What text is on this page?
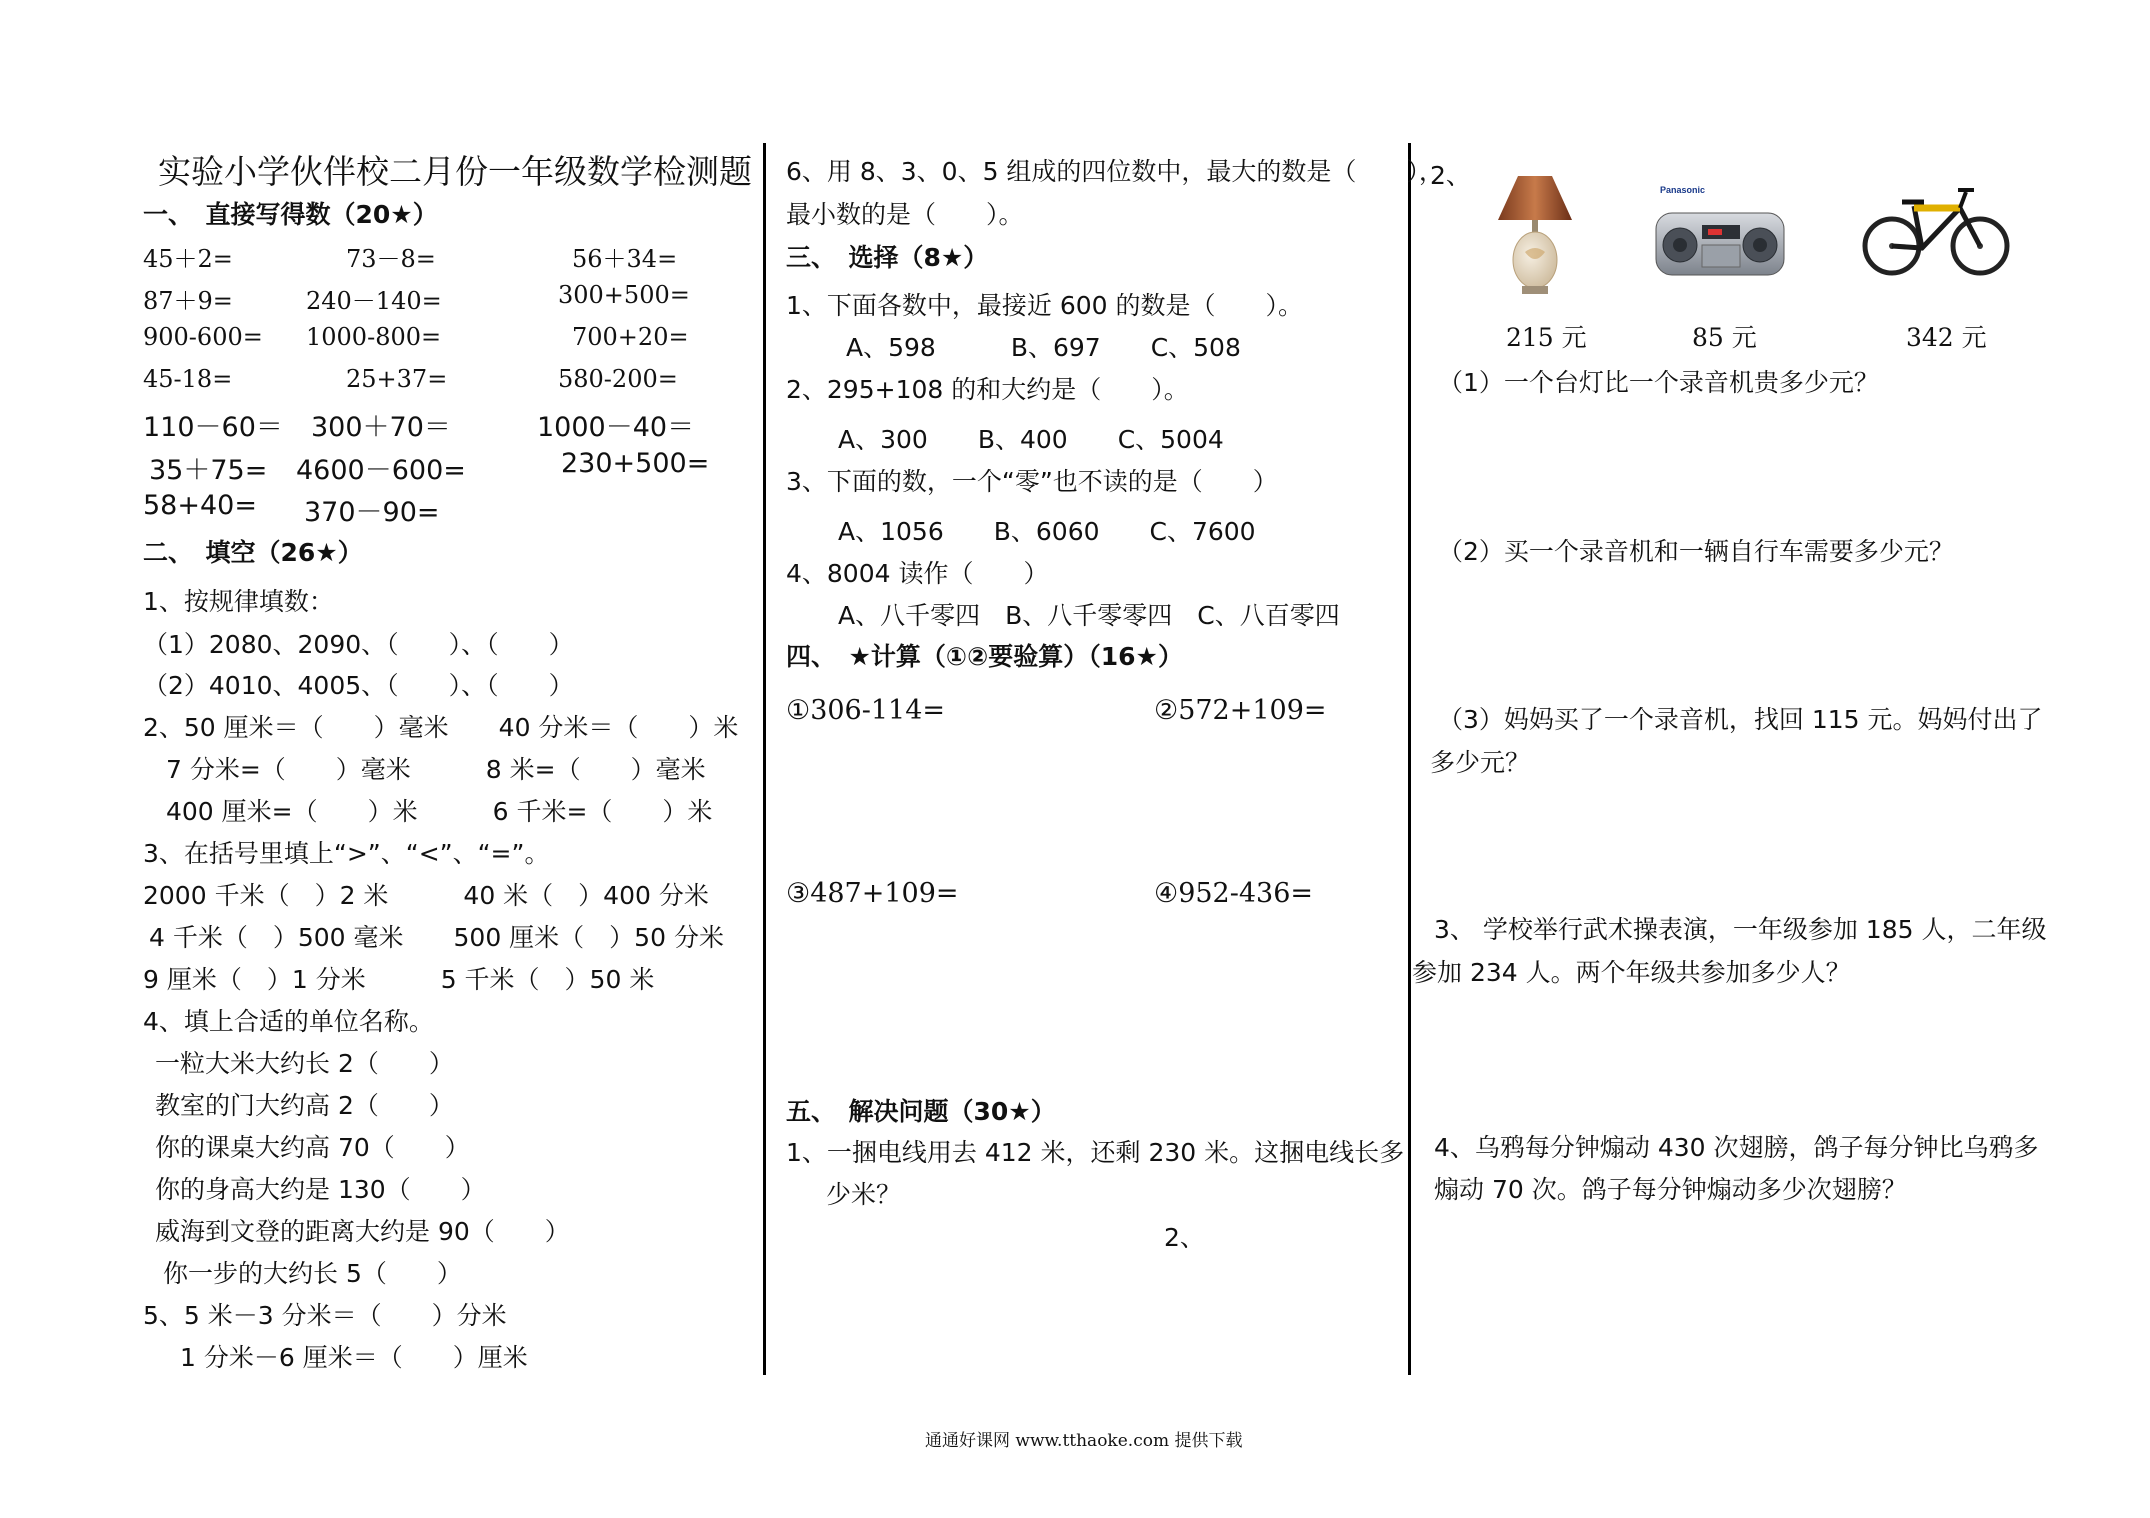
实验小学伙伴校二月份一年级数学检测题
一、　直接写得数（20★）
45＋2=	73－8=	56＋34=
87＋9=	240－140=	300+500=
900-600= 1000-800=	700+20=
45-18=	25+37=	580-200=
110－60＝ 300＋70＝	1000－40＝
35＋75= 4600－600=	230+500=
58+40= 370－90=
二、　填空（26★）
1、按规律填数：
（1）2080、2090、（　　）、（　　）
（2）4010、4005、（　　）、（　　）
2、50 厘米＝（　　）毫米　　40 分米＝（　　）米
7 分米=（　　）毫米　　　8 米=（　　）毫米
400 厘米=（　　）米　　　6 千米=（　　）米
3、在括号里填上“>”、“<”、“=”。
2000 千米（　）2 米　　　40 米（　）400 分米
4 千米（　）500 毫米　　500 厘米（　）50 分米
9 厘米（　）1 分米　　　5 千米（　）50 米
4、填上合适的单位名称。
一粒大米大约长 2（　　）
教室的门大约高 2（　　）
你的课桌大约高 70（　　）
你的身高大约是 130（　　）
威海到文登的距离大约是 90（　　）
你一步的大约长 5（　　）
5、5 米－3 分米＝（　　）分米
1 分米－6 厘米＝（　　）厘米
6、用 8、3、0、5 组成的四位数中，最大的数是（　　），
最小数的是（　　）。
三、　选择（8★）
1、下面各数中，最接近 600 的数是（　　）。
A、598　　　B、697　　C、508
2、295+108 的和大约是（　　）。
A、300　　B、400　　C、5004
3、下面的数，一个“零”也不读的是（　　）
A、1056　　B、6060　　C、7600
4、8004 读作（　　）
A、八千零四　B、八千零零四　C、八百零四
四、　★计算（①②要验算）（16★）
①306-114=	②572+109=
③487+109=	④952-436=
五、　解决问题（30★）
1、一捆电线用去 412 米，还剩 230 米。这捆电线长多
少米？
2、
2、	Panasonic
215 元	85 元	342 元
（1）一个台灯比一个录音机贵多少元？
（2）买一个录音机和一辆自行车需要多少元？
（3）妈妈买了一个录音机，找回 115 元。妈妈付出了
多少元？
3、 学校举行武术操表演，一年级参加 185 人，二年级
参加 234 人。两个年级共参加多少人？
4、乌鸦每分钟煽动 430 次翅膀，鸽子每分钟比乌鸦多
煽动 70 次。鸽子每分钟煽动多少次翅膀？
通通好课网 www.tthaoke.com 提供下载
